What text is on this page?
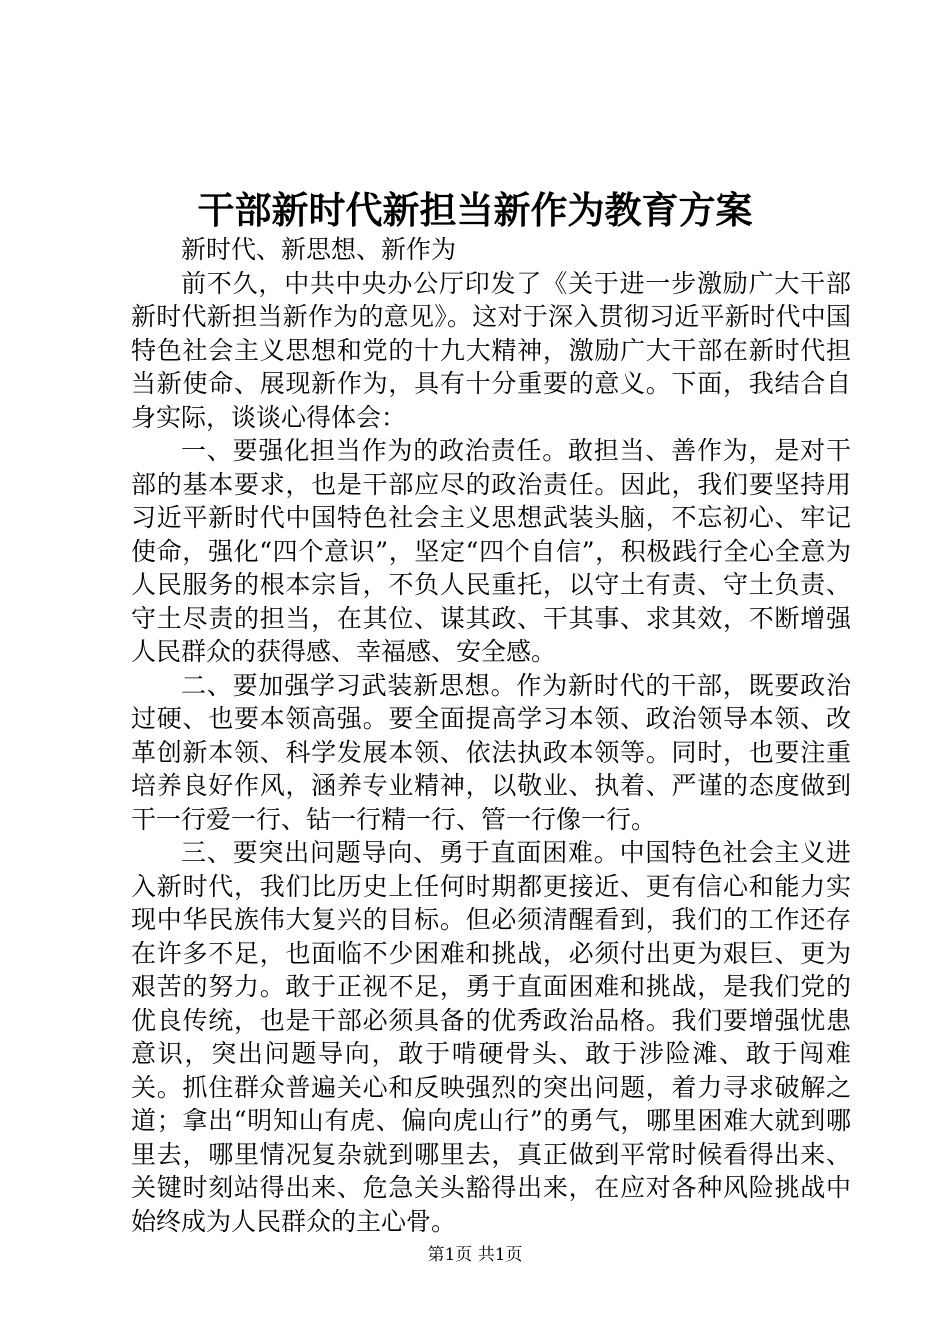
干部新时代新担当新作为教育方案

新时代、新思想、新作为

前不久，中共中央办公厅印发了《关于进一步激励广大干部新时代新担当新作为的意见》。这对于深入贯彻习近平新时代中国特色社会主义思想和党的十九大精神，激励广大干部在新时代担当新使命、展现新作为，具有十分重要的意义。下面，我结合自身实际，谈谈心得体会：

一、要强化担当作为的政治责任。敢担当、善作为，是对干部的基本要求，也是干部应尽的政治责任。因此，我们要坚持用习近平新时代中国特色社会主义思想武装头脑，不忘初心、牢记使命，强化“四个意识”，坚定“四个自信”，积极践行全心全意为人民服务的根本宗旨，不负人民重托，以守土有责、守土负责、守土尽责的担当，在其位、谋其政、干其事、求其效，不断增强人民群众的获得感、幸福感、安全感。

二、要加强学习武装新思想。作为新时代的干部，既要政治过硬、也要本领高强。要全面提高学习本领、政治领导本领、改革创新本领、科学发展本领、依法执政本领等。同时，也要注重培养良好作风，涵养专业精神，以敬业、执着、严谨的态度做到干一行爱一行、钻一行精一行、管一行像一行。

三、要突出问题导向、勇于直面困难。中国特色社会主义进入新时代，我们比历史上任何时期都更接近、更有信心和能力实现中华民族伟大复兴的目标。但必须清醒看到，我们的工作还存在许多不足，也面临不少困难和挑战，必须付出更为艰巨、更为艰苦的努力。敢于正视不足，勇于直面困难和挑战，是我们党的优良传统，也是干部必须具备的优秀政治品格。我们要增强忧患意识，突出问题导向，敢于啃硬骨头、敢于涉险滩、敢于闯难关。抓住群众普遍关心和反映强烈的突出问题，着力寻求破解之道；拿出“明知山有虎、偏向虎山行”的勇气，哪里困难大就到哪里去，哪里情况复杂就到哪里去，真正做到平常时候看得出来、关键时刻站得出来、危急关头豁得出来，在应对各种风险挑战中始终成为人民群众的主心骨。

第1页 共1页
